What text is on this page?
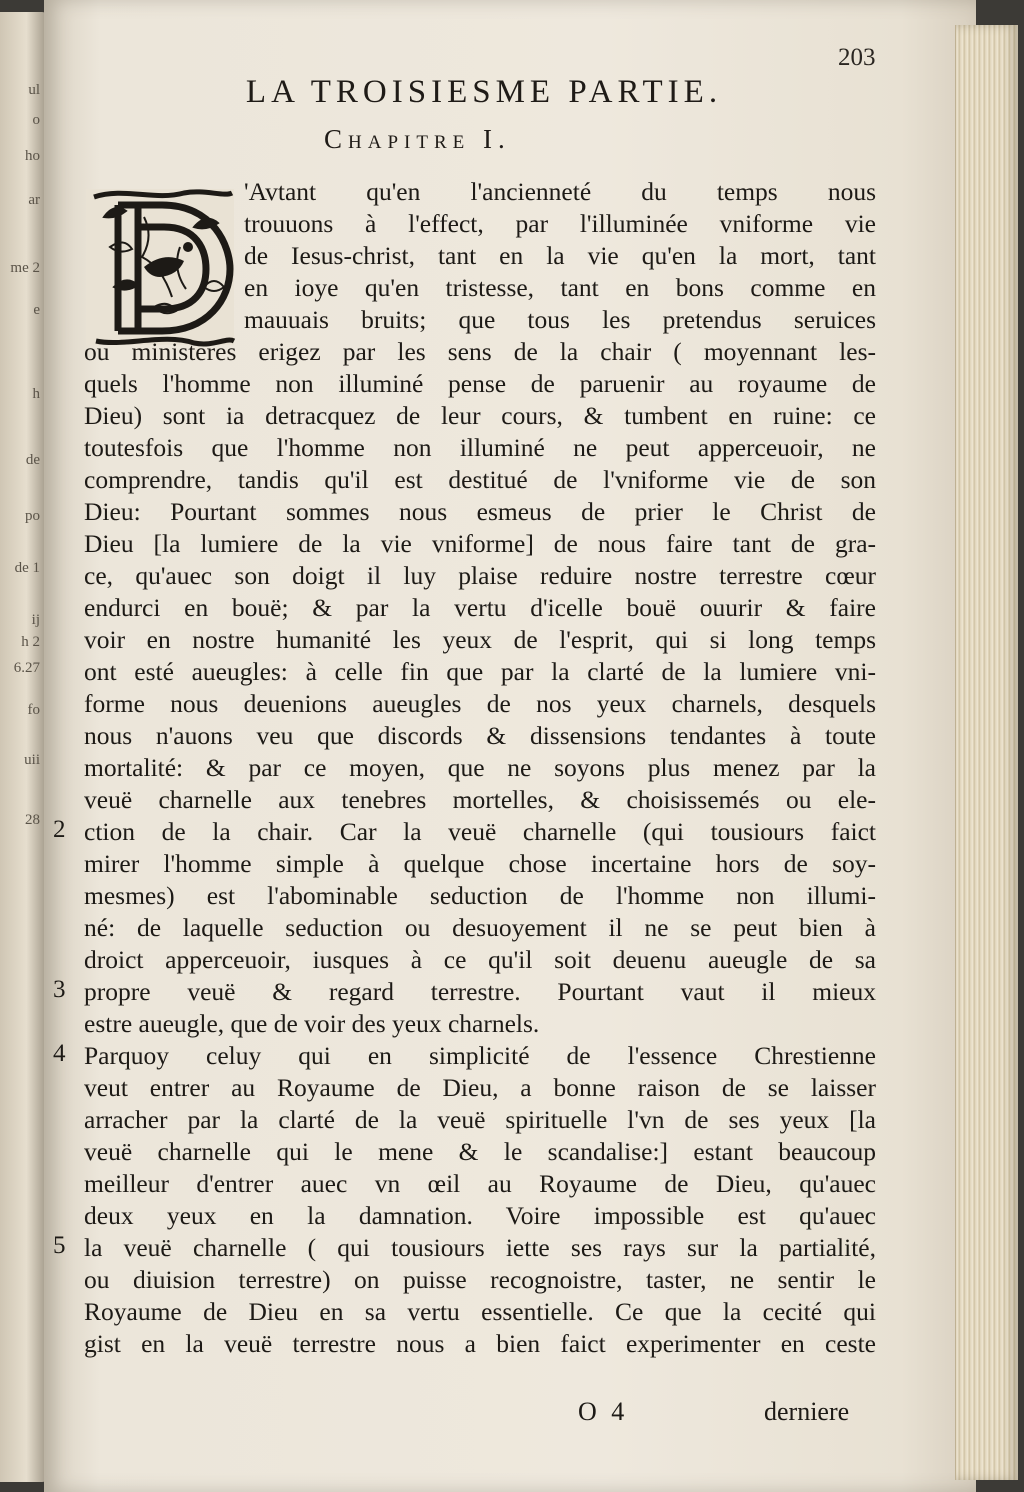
ul
o
ho
ar
me 2
e
h
de
po
de 1
ij
h 2
6.27
fo
uii
28
203
LA TROISIESME PARTIE.
Chapitre I.
'Avtant qu'en l'ancienneté du temps nous
trouuons à l'effect, par l'illuminée vniforme vie
de Iesus-christ, tant en la vie qu'en la mort, tant
en ioye qu'en tristesse, tant en bons comme en
mauuais bruits; que tous les pretendus seruices
ou ministeres erigez par les sens de la chair ( moyennant les-
quels l'homme non illuminé pense de paruenir au royaume de
Dieu) sont ia detracquez de leur cours, & tumbent en ruine: ce
toutesfois que l'homme non illuminé ne peut apperceuoir, ne
comprendre, tandis qu'il est destitué de l'vniforme vie de son
Dieu: Pourtant sommes nous esmeus de prier le Christ de
Dieu [la lumiere de la vie vniforme] de nous faire tant de gra-
ce, qu'auec son doigt il luy plaise reduire nostre terrestre cœur
endurci en bouë; & par la vertu d'icelle bouë ouurir & faire
voir en nostre humanité les yeux de l'esprit, qui si long temps
ont esté aueugles: à celle fin que par la clarté de la lumiere vni-
forme nous deuenions aueugles de nos yeux charnels, desquels
nous n'auons veu que discords & dissensions tendantes à toute
mortalité: & par ce moyen, que ne soyons plus menez par la
veuë charnelle aux tenebres mortelles, & choisissemés ou ele-
ction de la chair. Car la veuë charnelle (qui tousiours faict
mirer l'homme simple à quelque chose incertaine hors de soy-
mesmes) est l'abominable seduction de l'homme non illumi-
né: de laquelle seduction ou desuoyement il ne se peut bien à
droict apperceuoir, iusques à ce qu'il soit deuenu aueugle de sa
propre veuë & regard terrestre. Pourtant vaut il mieux
estre aueugle, que de voir des yeux charnels.
Parquoy celuy qui en simplicité de l'essence Chrestienne
veut entrer au Royaume de Dieu, a bonne raison de se laisser
arracher par la clarté de la veuë spirituelle l'vn de ses yeux [la
veuë charnelle qui le mene & le scandalise:] estant beaucoup
meilleur d'entrer auec vn œil au Royaume de Dieu, qu'auec
deux yeux en la damnation. Voire impossible est qu'auec
la veuë charnelle ( qui tousiours iette ses rays sur la partialité,
ou diuision terrestre) on puisse recognoistre, taster, ne sentir le
Royaume de Dieu en sa vertu essentielle. Ce que la cecité qui
gist en la veuë terrestre nous a bien faict experimenter en ceste
2
3
4
5
O 4	derniere
